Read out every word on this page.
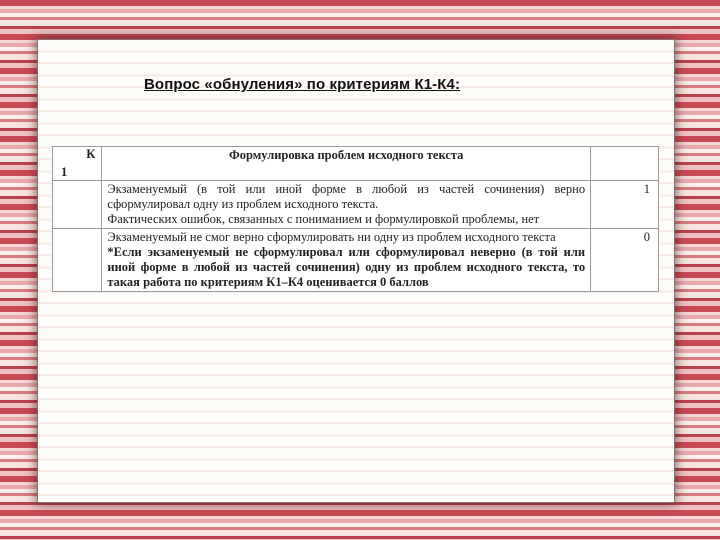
Вопрос «обнуления» по критериям К1-К4:
К
1	Формулировка проблем исходного текста	

	Экзаменуемый (в той или иной форме в любой из частей сочинения) верно сформулировал одну из проблем исходного текста.

Фактических ошибок, связанных с пониманием и формулировкой проблемы, нет	1

	Экзаменуемый не смог верно сформулировать ни одну из проблем исходного текста

*Если экзаменуемый не сформулировал или сформулировал неверно (в той или иной форме в любой из частей сочинения) одну из проблем исходного текста, то такая работа по критериям К1–К4 оценивается 0 баллов	0
